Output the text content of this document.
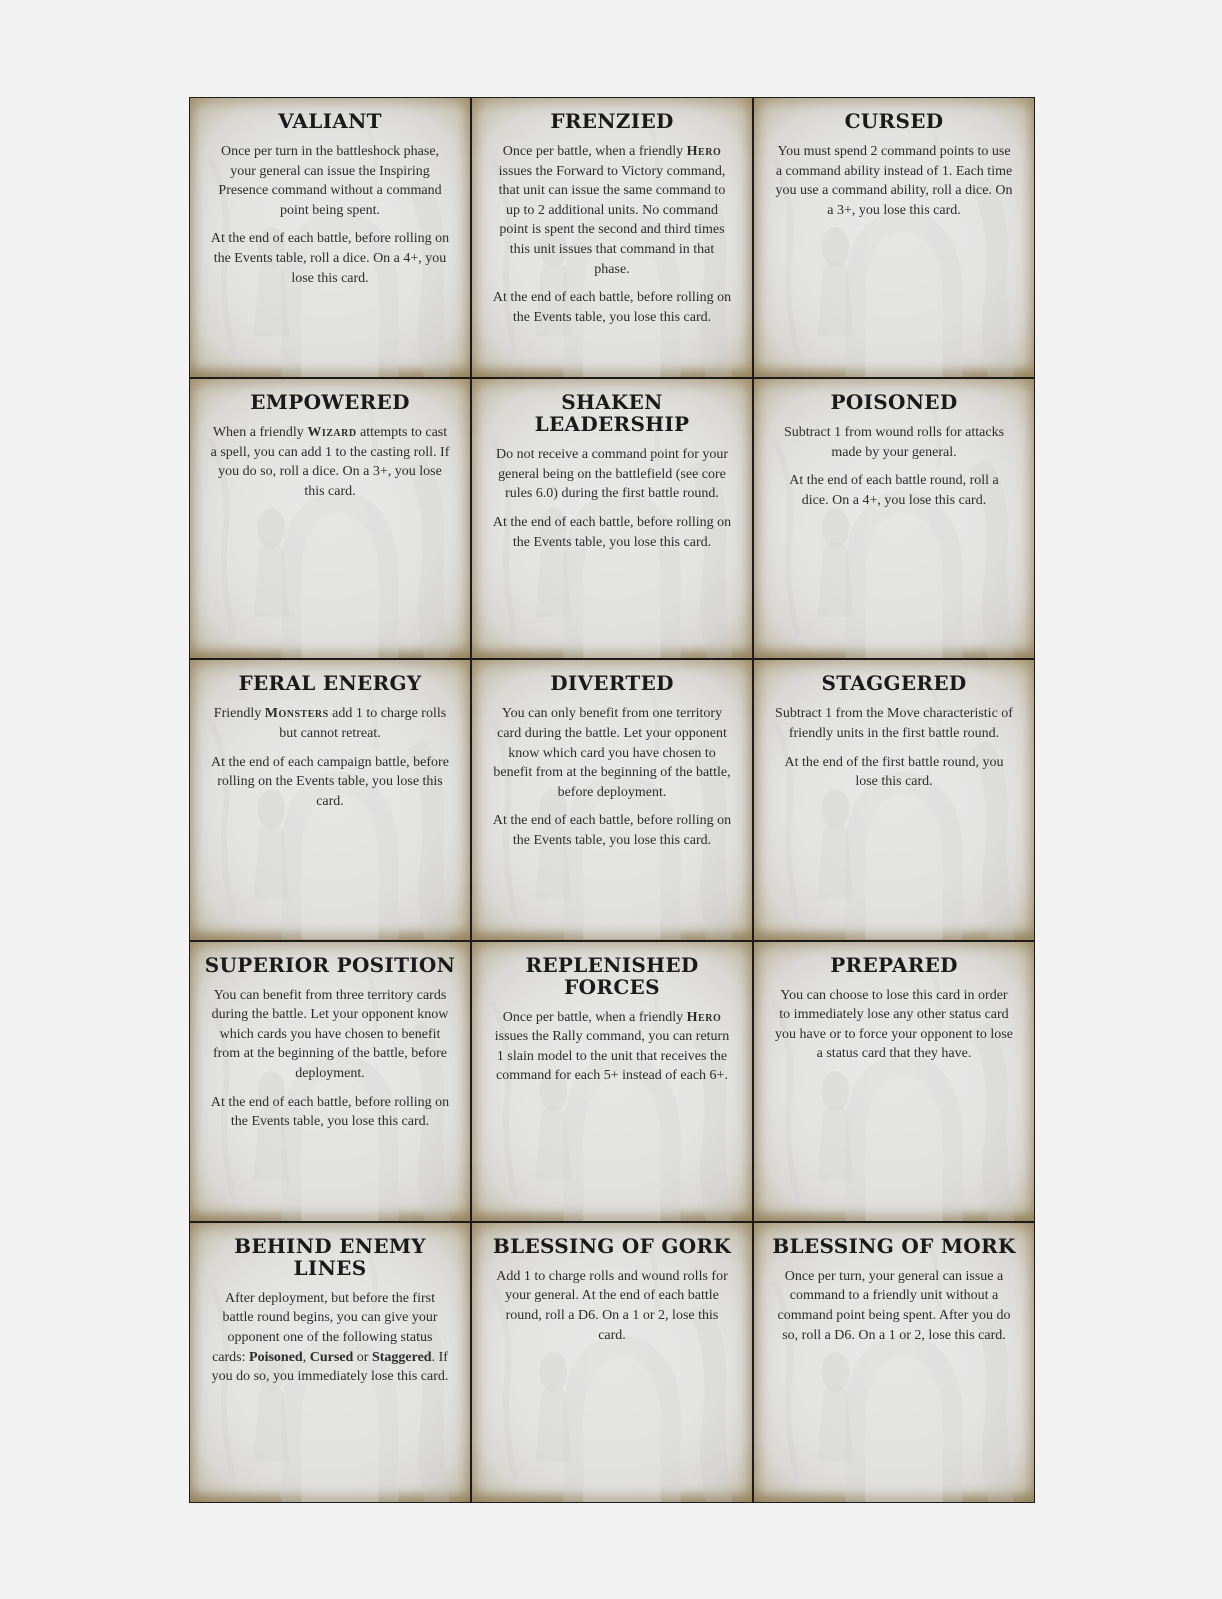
VALIANT

Once per turn in the battleshock phase, your general can issue the Inspiring Presence command without a command point being spent.

At the end of each battle, before rolling on the Events table, roll a dice. On a 4+, you lose this card.

FRENZIED

Once per battle, when a friendly Hero issues the Forward to Victory command, that unit can issue the same command to up to 2 additional units. No command point is spent the second and third times this unit issues that command in that phase.

At the end of each battle, before rolling on the Events table, you lose this card.

CURSED

You must spend 2 command points to use a command ability instead of 1. Each time you use a command ability, roll a dice. On a 3+, you lose this card.

EMPOWERED

When a friendly Wizard attempts to cast a spell, you can add 1 to the casting roll. If you do so, roll a dice. On a 3+, you lose this card.

SHAKEN
LEADERSHIP

Do not receive a command point for your general being on the battlefield (see core rules 6.0) during the first battle round.

At the end of each battle, before rolling on the Events table, you lose this card.

POISONED

Subtract 1 from wound rolls for attacks made by your general.

At the end of each battle round, roll a dice. On a 4+, you lose this card.

FERAL ENERGY

Friendly Monsters add 1 to charge rolls but cannot retreat.

At the end of each campaign battle, before rolling on the Events table, you lose this card.

DIVERTED

You can only benefit from one territory card during the battle. Let your opponent know which card you have chosen to benefit from at the beginning of the battle, before deployment.

At the end of each battle, before rolling on the Events table, you lose this card.

STAGGERED

Subtract 1 from the Move characteristic of friendly units in the first battle round.

At the end of the first battle round, you lose this card.

SUPERIOR POSITION

You can benefit from three territory cards during the battle. Let your opponent know which cards you have chosen to benefit from at the beginning of the battle, before deployment.

At the end of each battle, before rolling on the Events table, you lose this card.

REPLENISHED
FORCES

Once per battle, when a friendly Hero issues the Rally command, you can return 1 slain model to the unit that receives the command for each 5+ instead of each 6+.

PREPARED

You can choose to lose this card in order to immediately lose any other status card you have or to force your opponent to lose a status card that they have.

BEHIND ENEMY
LINES

After deployment, but before the first battle round begins, you can give your opponent one of the following status cards: Poisoned, Cursed or Staggered. If you do so, you immediately lose this card.

BLESSING OF GORK

Add 1 to charge rolls and wound rolls for your general. At the end of each battle round, roll a D6. On a 1 or 2, lose this card.

BLESSING OF MORK

Once per turn, your general can issue a command to a friendly unit without a command point being spent. After you do so, roll a D6. On a 1 or 2, lose this card.
